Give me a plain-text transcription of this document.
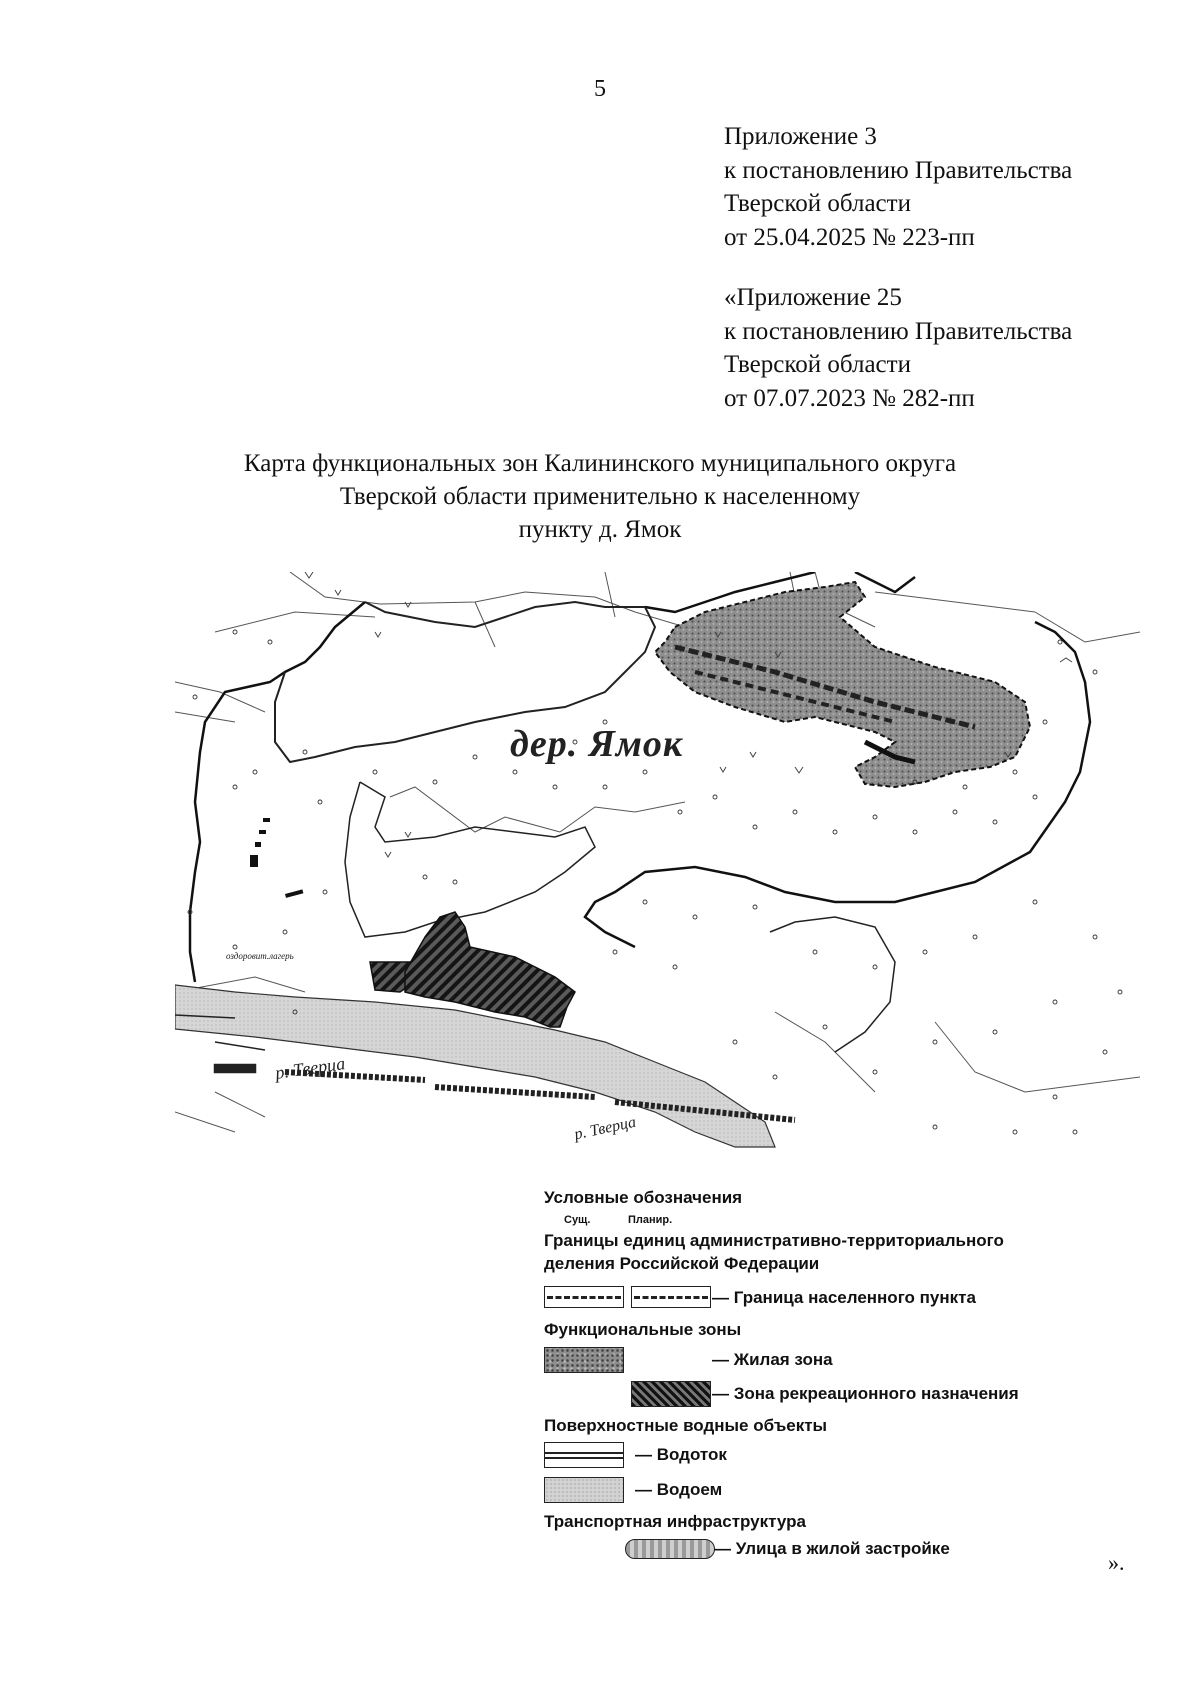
5
Приложение 3
к постановлению Правительства
Тверской области
от 25.04.2025 № 223-пп
«Приложение 25
к постановлению Правительства
Тверской области
от 07.07.2023 № 282-пп
Карта функциональных зон Калининского муниципального округа
Тверской области применительно к населенному
пункту д. Ямок
дер. Ямок
р. Тверца
р. Тверца
оздоровит.лагерь
Условные обозначения
Сущ.	Планир.
Границы единиц административно-территориального
деления Российской Федерации
— Граница населенного пункта
Функциональные зоны
— Жилая зона
— Зона рекреационного назначения
Поверхностные водные объекты
— Водоток
— Водоем
Транспортная инфраструктура
— Улица в жилой застройке
».
